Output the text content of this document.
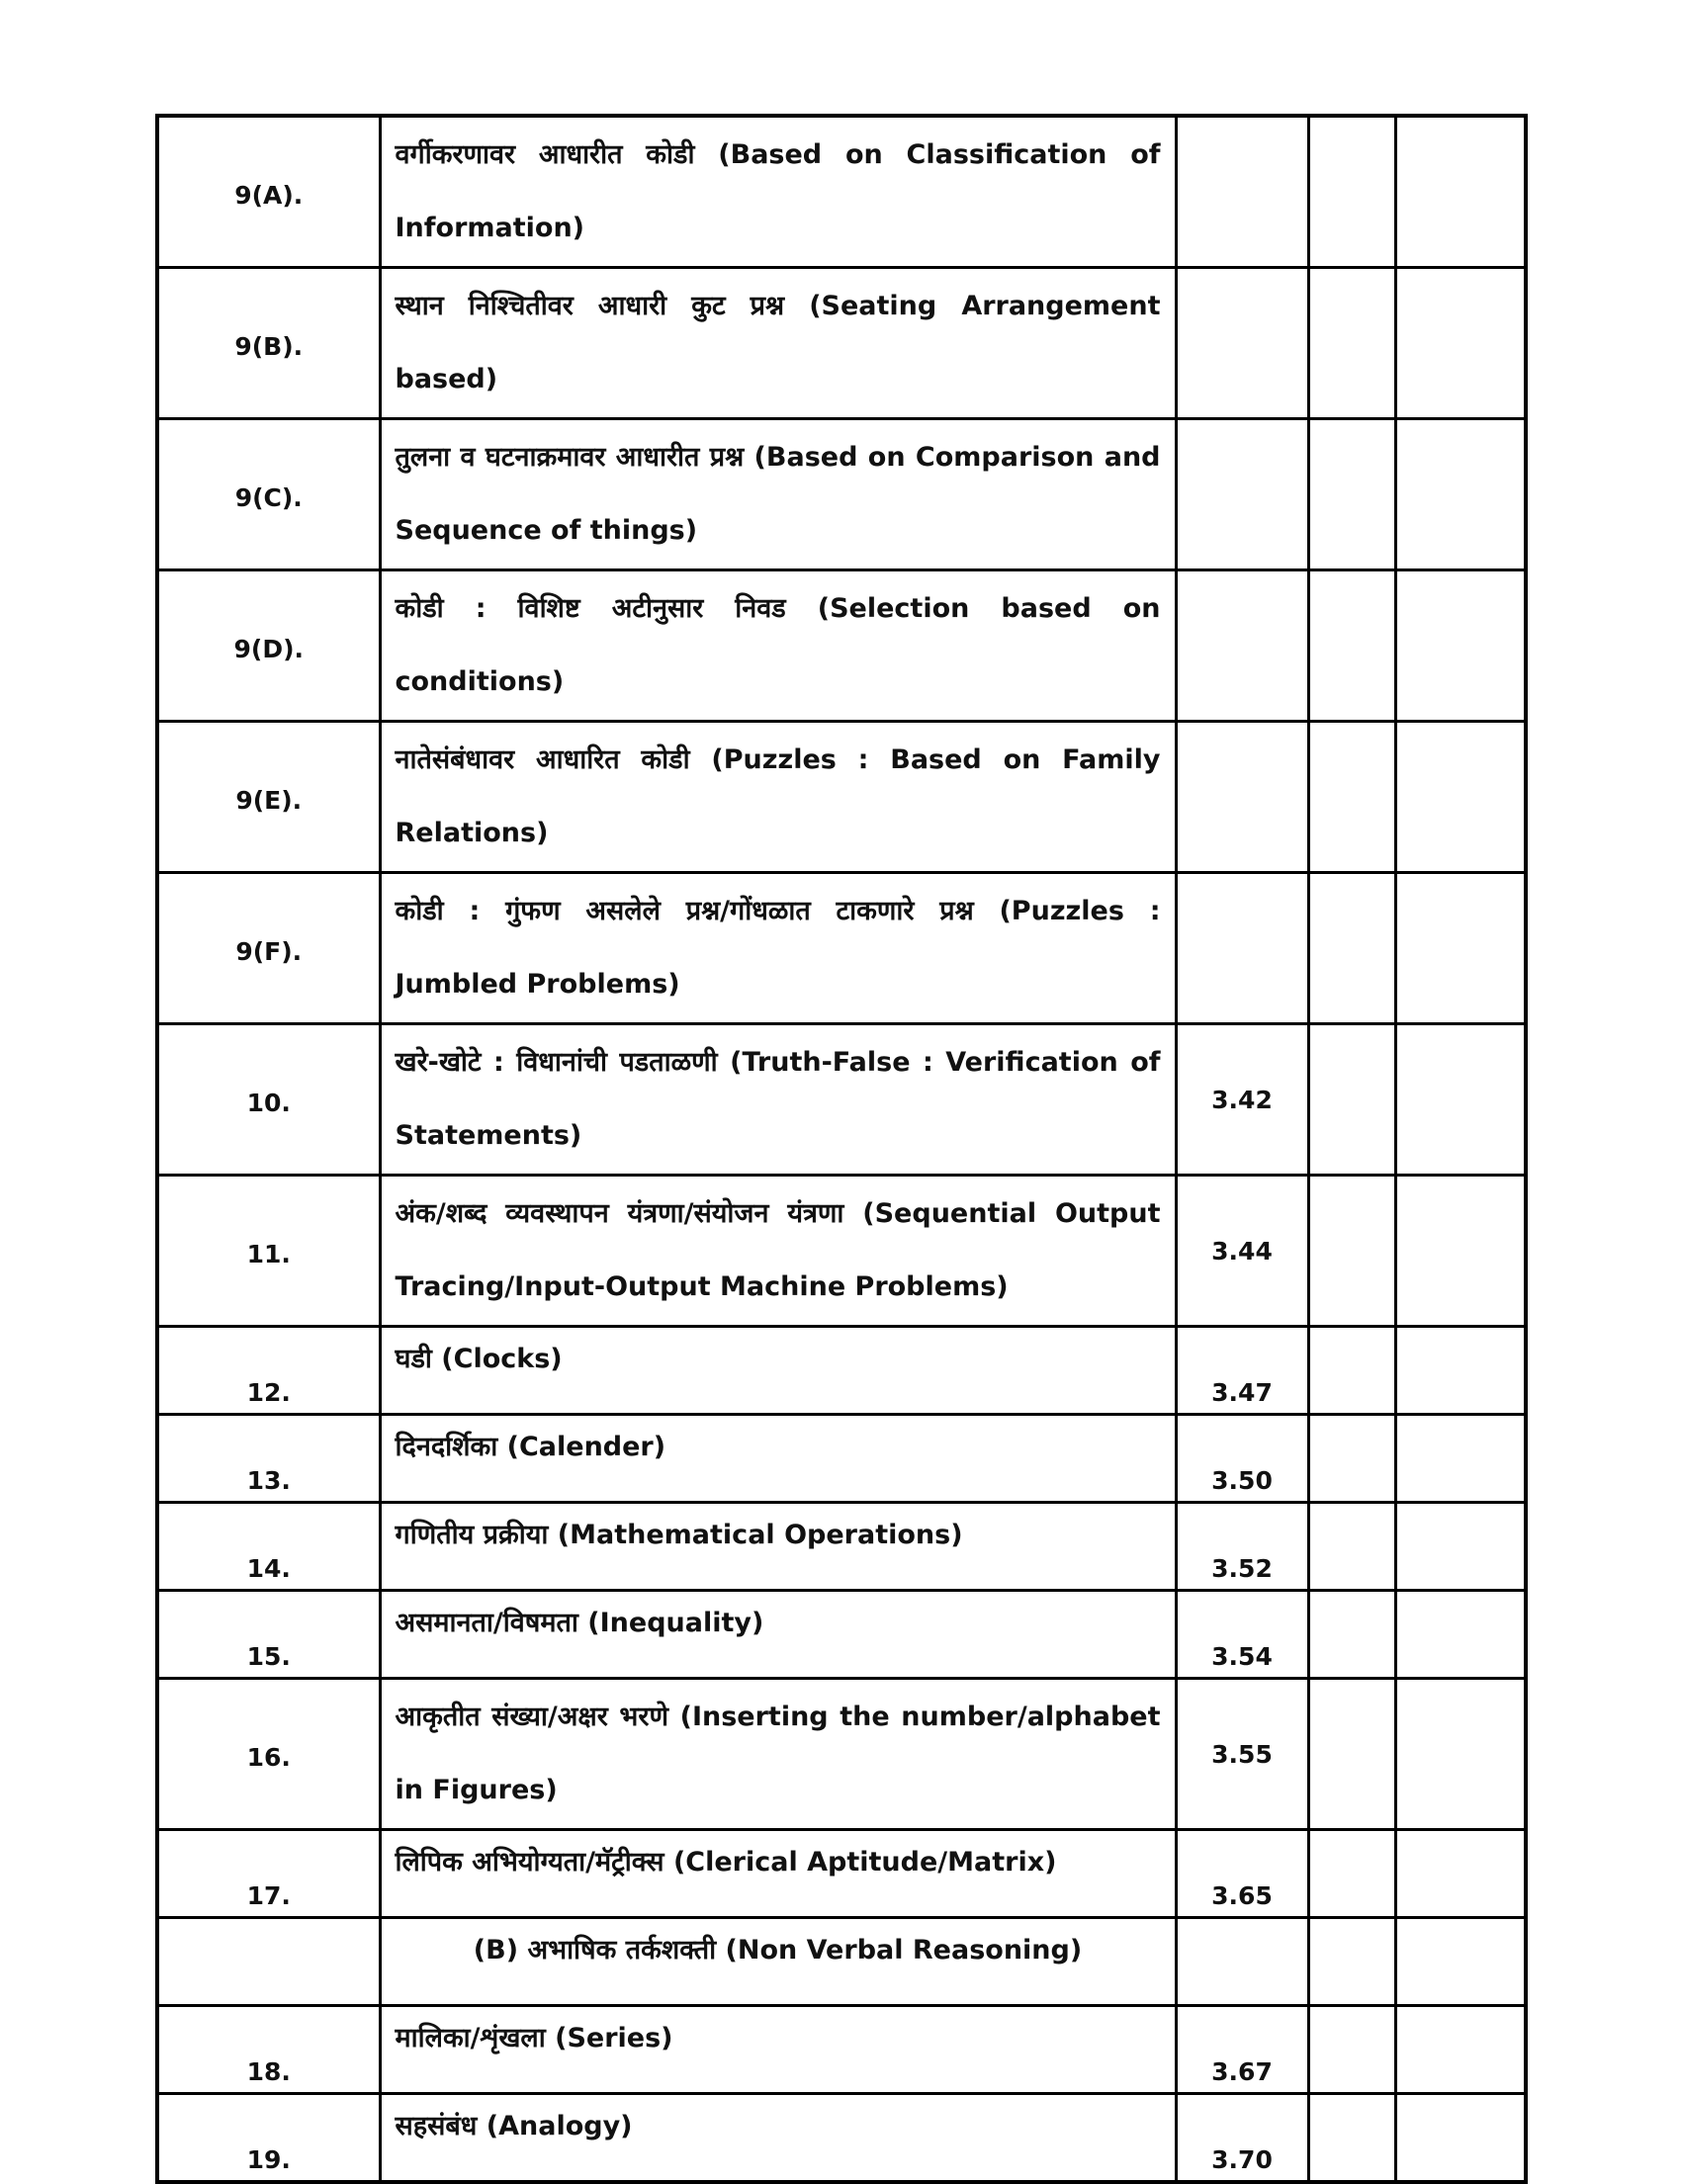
9(A).	वर्गीकरणावर आधारीत कोडी (Based on Classification of Information)			
9(B).	स्थान निश्चितीवर आधारी कुट प्रश्न (Seating Arrangement based)			
9(C).	तुलना व घटनाक्रमावर आधारीत प्रश्न (Based on Comparison and Sequence of things)			
9(D).	कोडी : विशिष्ट अटीनुसार निवड (Selection based on conditions)			
9(E).	नातेसंबंधावर आधारित कोडी (Puzzles : Based on Family Relations)			
9(F).	कोडी : गुंफण असलेले प्रश्न/गोंधळात टाकणारे प्रश्न (Puzzles : Jumbled Problems)			
10.	खरे-खोटे : विधानांची पडताळणी (Truth-False : Verification of Statements)	3.42		
11.	अंक/शब्द व्यवस्थापन यंत्रणा/संयोजन यंत्रणा (Sequential Output Tracing/Input-Output Machine Problems)	3.44		
12.	घडी (Clocks)	3.47		
13.	दिनदर्शिका (Calender)	3.50		
14.	गणितीय प्रक्रीया (Mathematical Operations)	3.52		
15.	असमानता/विषमता (Inequality)	3.54		
16.	आकृतीत संख्या/अक्षर भरणे (Inserting the number/alphabet in Figures)	3.55		
17.	लिपिक अभियोग्यता/मॅट्रीक्स (Clerical Aptitude/Matrix)	3.65		
	(B) अभाषिक तर्कशक्ती (Non Verbal Reasoning)			
18.	मालिका/शृंखला (Series)	3.67		
19.	सहसंबंध (Analogy)	3.70		
